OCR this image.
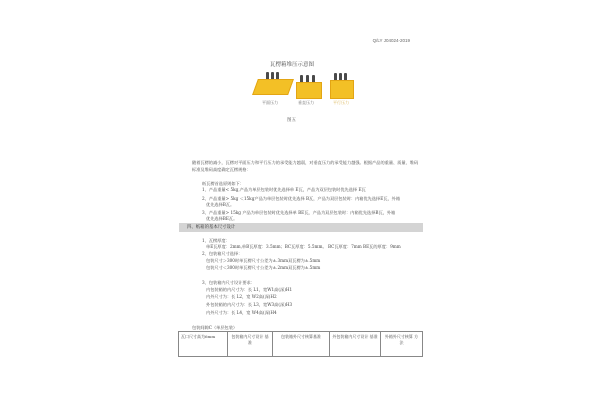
Q/LY J04024-2019
瓦楞箱堆压示意图
平面压力	垂直压力	平行压力
图五
随着瓦楞的减小，瓦楞对平面压力和平行压力的承受能力越弱，对垂直压力的承受能力越强。根据产品的重量、质量、堆码标准及堆码高度确定瓦楞规格：
纸瓦楞首选原则如下：
1、产品重量< 5kg,产品为单层包装时优先选择单 E瓦，产品为双层包装时优先选择 E瓦
2、产品重量> 5kg ＜15kg产品为单层包装时优先选择 B瓦，产品为双层包装时：内箱优先选择E瓦，外箱
优先选择B瓦。
3、产品重量> 15kg 产品为单层包装时优先选择单 BE瓦，产品为双层包装时：内箱优先选择B瓦，外箱
优先选择BE瓦。
四、纸箱的基本尺寸设计
1、瓦楞厚度：
单E瓦厚度：2mm,单B瓦厚度：3.5mm；BC瓦厚度：5.5mm。 BC瓦厚度：7mm BE瓦的厚度：9mm
2、包装箱尺寸选择：
包装尺寸＞300时单瓦楞尺寸公差为±.3mm双瓦楞为±.5mm
包装尺寸＜300时单瓦楞尺寸公差为±.2mm双瓦楞为±.5mm
3、包装箱内尺寸设计要求：
内包装箱的内尺寸为：长 L1，宽W1高(深)H1
内外尺寸为：长 L2，宽 W2高(深)H2
外包装箱的内尺寸为：长 L3，宽W3高(深)H3
内外尺寸为：长 L4，宽 W4高(深)H4
包装间隙C（单层包装）
瓦口尺寸高为6mm	包装箱内尺寸设计 基准	包装箱外尺寸核算基准	外包装箱内尺寸设计 基准	外箱外尺寸核算 方法
